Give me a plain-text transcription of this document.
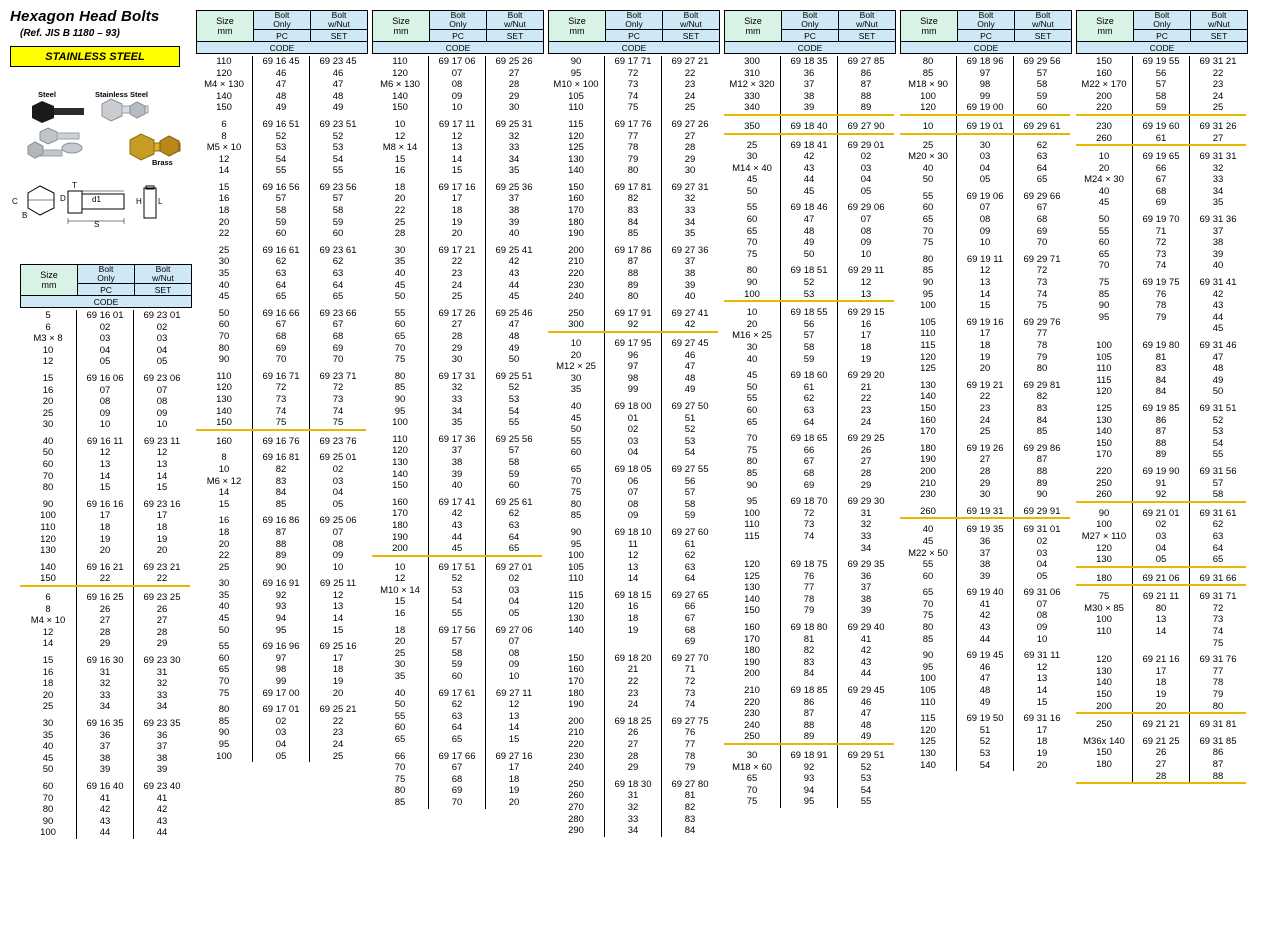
Hexagon Head Bolts
(Ref. JIS B 1180 – 93)
STAINLESS STEEL
Steel	Stainless Steel
Brass
C
B
T
D	d1	H
S
L
Size
mm

Bolt
Only

Bolt
w/Nut

	PC	SET
CODE		
110	69 16 45	69 23 45
120	46	46
M4 × 130	47	47
140	48	48
150	49	49
6	69 16 51	69 23 51
8	52	52
M5 × 10	53	53
12	54	54
14	55	55
15	69 16 56	69 23 56
16	57	57
18	58	58
20	59	59
22	60	60
25	69 16 61	69 23 61
30	62	62
35	63	63
40	64	64
45	65	65
50	69 16 66	69 23 66
60	67	67
70	68	68
80	69	69
90	70	70
110	69 16 71	69 23 71
120	72	72
130	73	73
140	74	74
150	75	75
160	69 16 76	69 23 76
8	69 16 81	69 25 01
10	82	02
M6 × 12	83	03
14	84	04
15	85	05
16	69 16 86	69 25 06
18	87	07
20	88	08
22	89	09
25	90	10
30	69 16 91	69 25 11
35	92	12
40	93	13
45	94	14
50	95	15
55	69 16 96	69 25 16
60	97	17
65	98	18
70	99	19
75	69 17 00	20
80	69 17 01	69 25 21
85	02	22
90	03	23
95	04	24
100	05	25
Size
mm

Bolt
Only

Bolt
w/Nut

	PC	SET
CODE		
110	69 17 06	69 25 26
120	07	27
M6 × 130	08	28
140	09	29
150	10	30
10	69 17 11	69 25 31
12	12	32
M8 × 14	13	33
15	14	34
16	15	35
18	69 17 16	69 25 36
20	17	37
22	18	38
25	19	39
28	20	40
30	69 17 21	69 25 41
35	22	42
40	23	43
45	24	44
50	25	45
55	69 17 26	69 25 46
60	27	47
65	28	48
70	29	49
75	30	50
80	69 17 31	69 25 51
85	32	52
90	33	53
95	34	54
100	35	55
110	69 17 36	69 25 56
120	37	57
130	38	58
140	39	59
150	40	60
160	69 17 41	69 25 61
170	42	62
180	43	63
190	44	64
200	45	65
10	69 17 51	69 27 01
12	52	02
M10 × 14	53	03
15	54	04
16	55	05
18	69 17 56	69 27 06
20	57	07
25	58	08
30	59	09
35	60	10
40	69 17 61	69 27 11
50	62	12
55	63	13
60	64	14
65	65	15
66	69 17 66	69 27 16
70	67	17
75	68	18
80	69	19
85	70	20
Size
mm

Bolt
Only

Bolt
w/Nut

	PC	SET
CODE		
90	69 17 71	69 27 21
95	72	22
M10 × 100	73	23
105	74	24
110	75	25
115	69 17 76	69 27 26
120	77	27
125	78	28
130	79	29
140	80	30
150	69 17 81	69 27 31
160	82	32
170	83	33
180	84	34
190	85	35
200	69 17 86	69 27 36
210	87	37
220	88	38
230	89	39
240	80	40
250	69 17 91	69 27 41
300	92	42
10	69 17 95	69 27 45
20	96	46
M12 × 25	97	47
30	98	48
35	99	49
40	69 18 00	69 27 50
45	01	51
50	02	52
55	03	53
60	04	54
65	69 18 05	69 27 55
70	06	56
75	07	57
80	08	58
85	09	59
90	69 18 10	69 27 60
95	11	61
100	12	62
105	13	63
110	14	64
115	69 18 15	69 27 65
120	16	66
130	18	67
140	19	68
		69
150	69 18 20	69 27 70
160	21	71
170	22	72
180	23	73
190	24	74
200	69 18 25	69 27 75
210	26	76
220	27	77
230	28	78
240	29	79
250	69 18 30	69 27 80
260	31	81
270	32	82
280	33	83
290	34	84
Size
mm

Bolt
Only

Bolt
w/Nut

	PC	SET
CODE		
300	69 18 35	69 27 85
310	36	86
M12 × 320	37	87
330	38	88
340	39	89
350	69 18 40	69 27 90
25	69 18 41	69 29 01
30	42	02
M14 × 40	43	03
45	44	04
50	45	05
55	69 18 46	69 29 06
60	47	07
65	48	08
70	49	09
75	50	10
80	69 18 51	69 29 11
90	52	12
100	53	13
10	69 18 55	69 29 15
20	56	16
M16 × 25	57	17
30	58	18
40	59	19
45	69 18 60	69 29 20
50	61	21
55	62	22
60	63	23
65	64	24
70	69 18 65	69 29 25
75	66	26
80	67	27
85	68	28
90	69	29
95	69 18 70	69 29 30
100	72	31
110	73	32
115	74	33
		34
120	69 18 75	69 29 35
125	76	36
130	77	37
140	78	38
150	79	39
160	69 18 80	69 29 40
170	81	41
180	82	42
190	83	43
200	84	44
210	69 18 85	69 29 45
220	86	46
230	87	47
240	88	48
250	89	49
30	69 18 91	69 29 51
M18 × 60	92	52
65	93	53
70	94	54
75	95	55
Size
mm

Bolt
Only

Bolt
w/Nut

	PC	SET
CODE		
80	69 18 96	69 29 56
85	97	57
M18 × 90	98	58
100	99	59
120	69 19 00	60
10	69 19 01	69 29 61
25	30	62
M20 × 30	03	63
40	04	64
50	05	65
55	69 19 06	69 29 66
60	07	67
65	08	68
70	09	69
75	10	70
80	69 19 11	69 29 71
85	12	72
90	13	73
95	14	74
100	15	75
105	69 19 16	69 29 76
110	17	77
115	18	78
120	19	79
125	20	80
130	69 19 21	69 29 81
140	22	82
150	23	83
160	24	84
170	25	85
180	69 19 26	69 29 86
190	27	87
200	28	88
210	29	89
230	30	90
260	69 19 31	69 29 91
40	69 19 35	69 31 01
45	36	02
M22 × 50	37	03
55	38	04
60	39	05
65	69 19 40	69 31 06
70	41	07
75	42	08
80	43	09
85	44	10
90	69 19 45	69 31 11
95	46	12
100	47	13
105	48	14
110	49	15
115	69 19 50	69 31 16
120	51	17
125	52	18
130	53	19
140	54	20
Size
mm

Bolt
Only

Bolt
w/Nut

	PC	SET
CODE		
150	69 19 55	69 31 21
160	56	22
M22 × 170	57	23
200	58	24
220	59	25
230	69 19 60	69 31 26
260	61	27
10	69 19 65	69 31 31
20	66	32
M24 × 30	67	33
40	68	34
45	69	35
50	69 19 70	69 31 36
55	71	37
60	72	38
65	73	39
70	74	40
75	69 19 75	69 31 41
85	76	42
90	78	43
95	79	44
		45
100	69 19 80	69 31 46
105	81	47
110	83	48
115	84	49
120	84	50
125	69 19 85	69 31 51
130	86	52
140	87	53
150	88	54
170	89	55
220	69 19 90	69 31 56
250	91	57
260	92	58
90	69 21 01	69 31 61
100	02	62
M27 × 110	03	63
120	04	64
130	05	65
180	69 21 06	69 31 66
75	69 21 11	69 31 71
M30 × 85	80	72
100	13	73
110	14	74
		75
120	69 21 16	69 31 76
130	17	77
140	18	78
150	19	79
200	20	80
250	69 21 21	69 31 81
M36x 140	69 21 25	69 31 85
150	26	86
180	27	87
	28	88
Size
mm

Bolt
Only

Bolt
w/Nut

	PC	SET
CODE		
5	69 16 01	69 23 01
6	02	02
M3 × 8	03	03
10	04	04
12	05	05
15	69 16 06	69 23 06
16	07	07
20	08	08
25	09	09
30	10	10
40	69 16 11	69 23 11
50	12	12
60	13	13
70	14	14
80	15	15
90	69 16 16	69 23 16
100	17	17
110	18	18
120	19	19
130	20	20
140	69 16 21	69 23 21
150	22	22
6	69 16 25	69 23 25
8	26	26
M4 × 10	27	27
12	28	28
14	29	29
15	69 16 30	69 23 30
16	31	31
18	32	32
20	33	33
25	34	34
30	69 16 35	69 23 35
35	36	36
40	37	37
45	38	38
50	39	39
60	69 16 40	69 23 40
70	41	41
80	42	42
90	43	43
100	44	44
